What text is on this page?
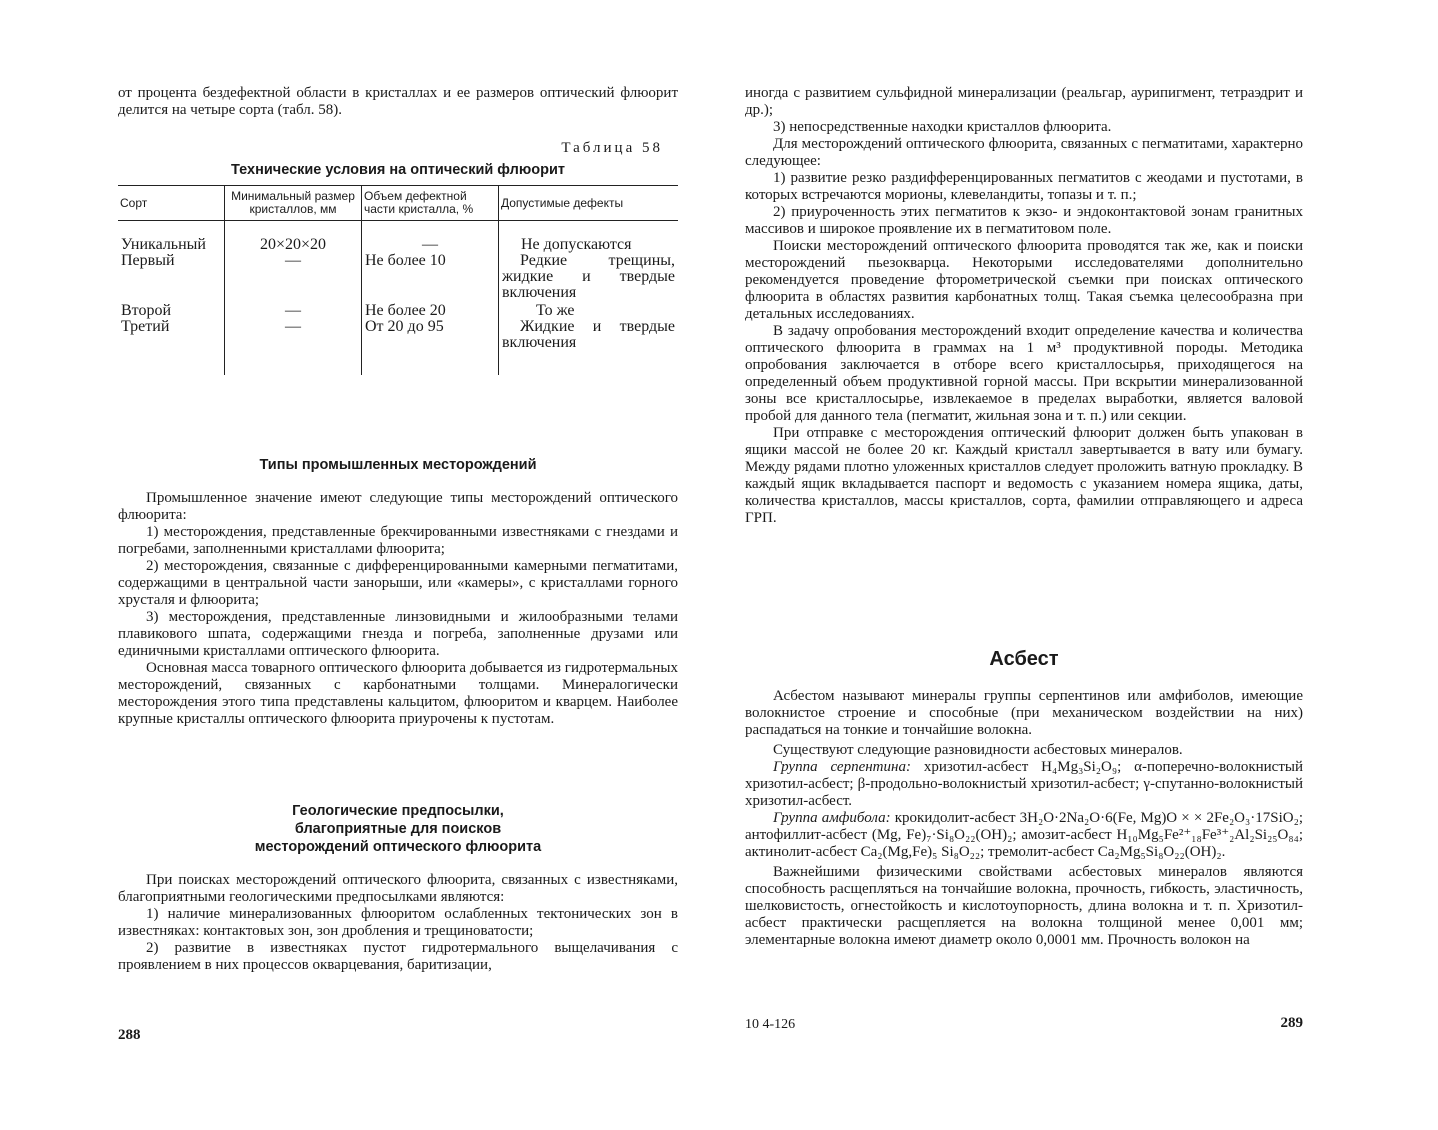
от процента бездефектной области в кристаллах и ее размеров оптический флюорит делится на четыре сорта (табл. 58).

Таблица 58
Технические условия на оптический флюорит
Сорт	Минимальный размер кристаллов, мм	Объем дефектной части кристалла, %	Допустимые дефекты
Уникальный	20×20×20	—	Не допускаются
Первый	—	Не более 10	Редкие трещины, жидкие и твердые включения
Второй	—	Не более 20	То же
Третий	—	От 20 до 95	Жидкие и твердые включения
Типы промышленных месторождений

Промышленное значение имеют следующие типы месторождений оптического флюорита:

1) месторождения, представленные брекчированными известняками с гнездами и погребами, заполненными кристаллами флюорита;

2) месторождения, связанные с дифференцированными камерными пегматитами, содержащими в центральной части занорыши, или «камеры», с кристаллами горного хрусталя и флюорита;

3) месторождения, представленные линзовидными и жилообразными телами плавикового шпата, содержащими гнезда и погреба, заполненные друзами или единичными кристаллами оптического флюорита.

Основная масса товарного оптического флюорита добывается из гидротермальных месторождений, связанных с карбонатными толщами. Минералогически месторождения этого типа представлены кальцитом, флюоритом и кварцем. Наиболее крупные кристаллы оптического флюорита приурочены к пустотам.

Геологические предпосылки,
благоприятные для поисков
месторождений оптического флюорита

При поисках месторождений оптического флюорита, связанных с известняками, благоприятными геологическими предпосылками являются:

1) наличие минерализованных флюоритом ослабленных тектонических зон в известняках: контактовых зон, зон дробления и трещиноватости;

2) развитие в известняках пустот гидротермального выщелачивания с проявлением в них процессов окварцевания, баритизации,

288

иногда с развитием сульфидной минерализации (реальгар, аурипигмент, тетраэдрит и др.);

3) непосредственные находки кристаллов флюорита.

Для месторождений оптического флюорита, связанных с пегматитами, характерно следующее:

1) развитие резко раздифференцированных пегматитов с жеодами и пустотами, в которых встречаются морионы, клевеландиты, топазы и т. п.;

2) приуроченность этих пегматитов к экзо- и эндоконтактовой зонам гранитных массивов и широкое проявление их в пегматитовом поле.

Поиски месторождений оптического флюорита проводятся так же, как и поиски месторождений пьезокварца. Некоторыми исследователями дополнительно рекомендуется проведение фторометрической съемки при поисках оптического флюорита в областях развития карбонатных толщ. Такая съемка целесообразна при детальных исследованиях.

В задачу опробования месторождений входит определение качества и количества оптического флюорита в граммах на 1 м³ продуктивной породы. Методика опробования заключается в отборе всего кристаллосырья, приходящегося на определенный объем продуктивной горной массы. При вскрытии минерализованной зоны все кристаллосырье, извлекаемое в пределах выработки, является валовой пробой для данного тела (пегматит, жильная зона и т. п.) или секции.

При отправке с месторождения оптический флюорит должен быть упакован в ящики массой не более 20 кг. Каждый кристалл завертывается в вату или бумагу. Между рядами плотно уложенных кристаллов следует проложить ватную прокладку. В каждый ящик вкладывается паспорт и ведомость с указанием номера ящика, даты, количества кристаллов, массы кристаллов, сорта, фамилии отправляющего и адреса ГРП.

Асбест

Асбестом называют минералы группы серпентинов или амфиболов, имеющие волокнистое строение и способные (при механическом воздействии на них) распадаться на тонкие и тончайшие волокна.

Существуют следующие разновидности асбестовых минералов.

Группа серпентина: хризотил-асбест H₄Mg₃Si₂O₉; α-поперечно-волокнистый хризотил-асбест; β-продольно-волокнистый хризотил-асбест; γ-спутанно-волокнистый хризотил-асбест.

Группа амфибола: крокидолит-асбест 3H₂O·2Na₂O·6(Fe, Mg)O × × 2Fe₂O₃·17SiO₂; антофиллит-асбест (Mg, Fe)₇·Si₈O₂₂(OH)₂; амозит-асбест H₁₀Mg₅Fe²⁺₁₈Fe³⁺₂Al₂Si₂₅O₈₄; актинолит-асбест Ca₂(Mg,Fe)₅ Si₈O₂₂; тремолит-асбест Ca₂Mg₅Si₈O₂₂(OH)₂.

Важнейшими физическими свойствами асбестовых минералов являются способность расщепляться на тончайшие волокна, прочность, гибкость, эластичность, шелковистость, огнестойкость и кислотоупорность, длина волокна и т. п. Хризотил-асбест практически расщепляется на волокна толщиной менее 0,001 мм; элементарные волокна имеют диаметр около 0,0001 мм. Прочность волокон на

10 4-126	289
